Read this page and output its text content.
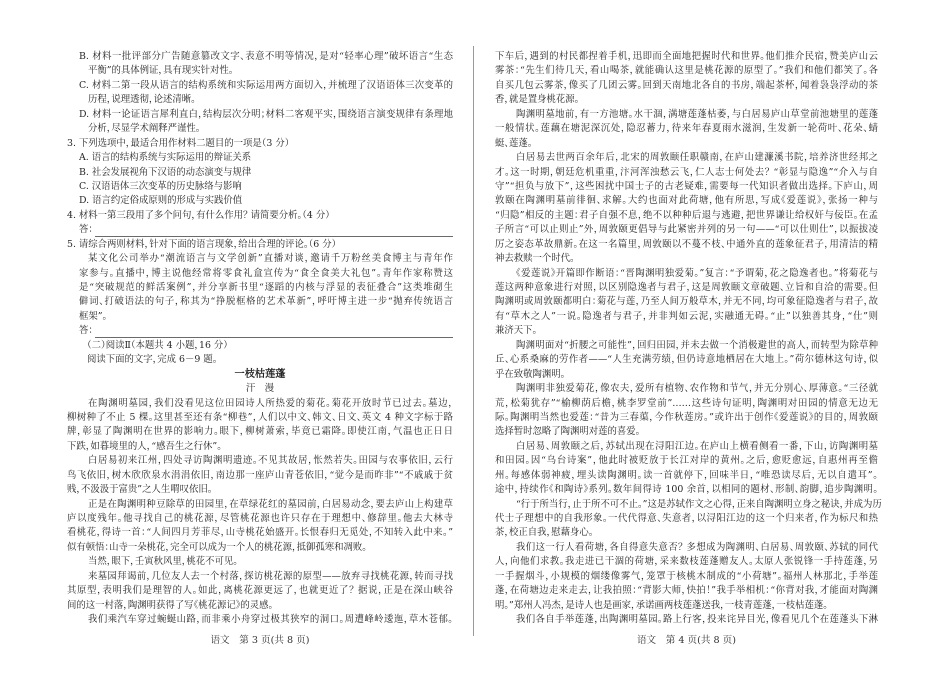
B. 材料一批评部分广告随意篡改文字、表意不明等情况，是对“轻率心理”破坏语言“生态
平衡”的具体例证，具有现实针对性。
C. 材料二第一段从语言的结构系统和实际运用两方面切入，并梳理了汉语语体三次变革的
历程，说理透彻，论述清晰。
D. 材料一论证语言犀利直白，结构层次分明；材料二客观平实，围绕语言演变规律有条理地
分析，尽显学术阐释严谨性。
3. 下列选项中，最适合用作材料二题目的一项是（3 分）
A. 语言的结构系统与实际运用的辩证关系
B. 社会发展视角下汉语的动态演变与规律
C. 汉语语体三次变革的历史脉络与影响
D. 语言约定俗成原则的形成与实践价值
4. 材料一第三段用了多个问句，有什么作用？ 请简要分析。（4 分）
答：
5. 请综合两则材料，针对下面的语言现象，给出合理的评论。（6 分）
某文化公司举办“潮流语言与文学创新”直播对谈，邀请千万粉丝美食博主与青年作
家参与。直播中，博主说他经常将零食礼盒宣传为“食全食美大礼包”。青年作家称赞这
是“突破规范的鲜活案例”，并分享新书里“逐蹈的内核与浮显的表征叠合”这类堆砌生
僻词、打破语法的句子，称其为“挣脱框格的艺术革新”，呼吁博主进一步“抛弃传统语言
框架”。
答：
（二）阅读Ⅱ（本题共 4 小题，16 分）
阅读下面的文字，完成 6－9 题。
一枝枯莲蓬
汗　漫
在陶渊明墓园，我们没看见这位田园诗人所热爱的菊花。菊花开放时节已过去。墓边，
柳树种了不止 5 棵。这里甚至还有条“柳巷”，人们以中文、韩文、日文、英文 4 种文字标于路
牌，彰显了陶渊明在世界的影响力。眼下，柳树萧索，毕竟已霜降。即使江南，气温也正日日
下跌，如暮境里的人，“感吾生之行休”。
白居易初来江州，四处寻访陶渊明遗迹。不见其故居，怅然若失。田园与农事依旧，云行
鸟飞依旧，树木欣欣泉水涓涓依旧，南边那一座庐山青苍依旧，“觉今是而昨非”“不戚戚于贫
贱，不汲汲于富贵”之人生喟叹依旧。
正是在陶渊明种豆除草的田园里，在草绿花红的墓园前，白居易动念，要去庐山上构建草
庐以度残年。他寻找自己的桃花源，尽管桃花源也许只存在于理想中、修辞里。他去大林寺
看桃花，得诗一首：“人间四月芳菲尽，山寺桃花始盛开。长恨春归无觅处，不知转入此中来。”
似有顿悟：山寺一朵桃花，完全可以成为一个人的桃花源，抵御孤寒和凋败。
当然，眼下，壬寅秋风里，桃花不可见。
来墓园拜谒前，几位友人去一个村落，探访桃花源的原型——放弃寻找桃花源，转而寻找
其原型，表明我们是理智的人。如此，离桃花源更远了，也就更近了？ 据说，正是在深山峡谷
间的这一村落，陶渊明获得了写《桃花源记》的灵感。
我们乘汽车穿过蜿蜒山路，而非乘小舟穿过极其狭窄的洞口。周遭峰岭逶迤，草木苍郁。
语文　第 3 页(共 8 页)
下车后，遇到的村民都捏着手机，迅即而全面地把握时代和世界。他们推介民宿，赞美庐山云
雾茶：“先生们待几天，看山喝茶，就能确认这里是桃花源的原型了。”我们和他们都笑了。各
自买几包云雾茶，像买了几团云雾。回到天南地北各自的书房，端起茶杯，闻着袅袅浮动的茶
香，就是置身桃花源。
陶渊明墓地前，有一方池塘。水干涸，满塘莲蓬枯萎，与白居易庐山草堂前池塘里的莲蓬
一般情状。莲藕在塘泥深沉处，隐忍蓄力，待来年春夏雨水滋润，生发新一轮荷叶、花朵、蜻
蜓、莲蓬。
白居易去世两百余年后，北宋的周敦颐任职赣南，在庐山建濂溪书院，培养济世经邦之
才。这一时期，朝廷危机重重，汴河浑浊愁云飞，仁人志士何处去？ “彰显与隐逸”“介入与自
守”“担负与放下”，这些困扰中国士子的古老疑难，需要每一代知识者做出选择。下庐山，周
敦颐在陶渊明墓前徘徊、求解。大约也面对此荷塘，他有所思，写成《爱莲说》，张扬一种与
“归隐”相反的主题：君子自强不息，绝不以种种后退与逃避，把世界谦让给权奸与佞臣。在孟
子所言“可以止则止”外，周敦颐更倡导与此紧密并列的另一句——“可以仕则仕”，以振拔凌
厉之姿态革故鼎新。在这一名篇里，周敦颐以不蔓不枝、中通外直的莲象征君子，用清洁的精
神去救赎一个时代。
《爱莲说》开篇即作断语：“晋陶渊明独爱菊。”复言：“予谓菊，花之隐逸者也。”将菊花与
莲这两种意象进行对照，以区别隐逸者与君子，这是周敦颐文章破题、立旨和自洽的需要。但
陶渊明或周敦颐都明白：菊花与莲，乃至人间万般草木，并无不同，均可象征隐逸者与君子，故
有“草木之人”一说。隐逸者与君子，并非判如云泥，实融通无碍。“止”以独善其身，“仕”则
兼济天下。
陶渊明面对“折腰之可能性”，回归田园，并未去做一个消极避世的高人，而转型为除草种
丘、心系桑麻的劳作者——“人生充满劳绩，但仍诗意地栖居在大地上。”荷尔德林这句诗，似
乎在致敬陶渊明。
陶渊明非独爱菊花，像农夫，爱所有植物、农作物和节气，并无分别心、厚薄意。“三径就
荒，松菊犹存”“榆柳荫后檐，桃李罗堂前”……这些诗句证明，陶渊明对田园的情意无边无
际。陶渊明当然也爱莲：“昔为三春蕖，今作秋莲房。”或许出于创作《爱莲说》的目的，周敦颐
选择暂时忽略了陶渊明对莲的喜爱。
白居易、周敦颐之后，苏轼出现在浔阳江边。在庐山上横看侧看一番，下山，访陶渊明墓
和田园。因“乌台诗案”，他此时被贬放于长江对岸的黄州。之后，愈贬愈远，自惠州再至儋
州。每感体弱神疲，埋头读陶渊明。读一首就停下，回味半日，“唯恐读尽后，无以自遣耳”。
途中，持续作《和陶诗》系列。数年间得诗 100 余首，以相同的题材、形制、韵脚，追步陶渊明。
“行于所当行，止于所不可不止。”这是苏轼作文之心得，正来自陶渊明立身之秘诀，并成为历
代士子理想中的自我形象。一代代得意、失意者，以浔阳江边的这一个归来者，作为标尺和热
茶，校正自我，慰藉身心。
我们这一行人看荷塘，各自得意失意否？ 多想成为陶渊明、白居易、周敦颐、苏轼的同代
人，向他们求教。我走进已干涸的荷塘，采来数枝莲蓬赠友人。太原人张锐锋一手持莲蓬，另
一手握烟斗，小规模的烟缕像雾气，笼罩于核桃木制成的“小荷塘”。福州人林那北，手举莲
蓬，在荷塘边走来走去，让我拍照：“背影大师，快拍！”我手举相机：“你背对我，才能面对陶渊
明。”郑州人冯杰，是诗人也是画家，承诺画两枝莲蓬送我，一枝青莲蓬，一枝枯莲蓬。
我们各自手举莲蓬，出陶渊明墓园。路上行客，投来诧异目光，像看见几个在莲蓬头下淋
语文　第 4 页(共 8 页)
